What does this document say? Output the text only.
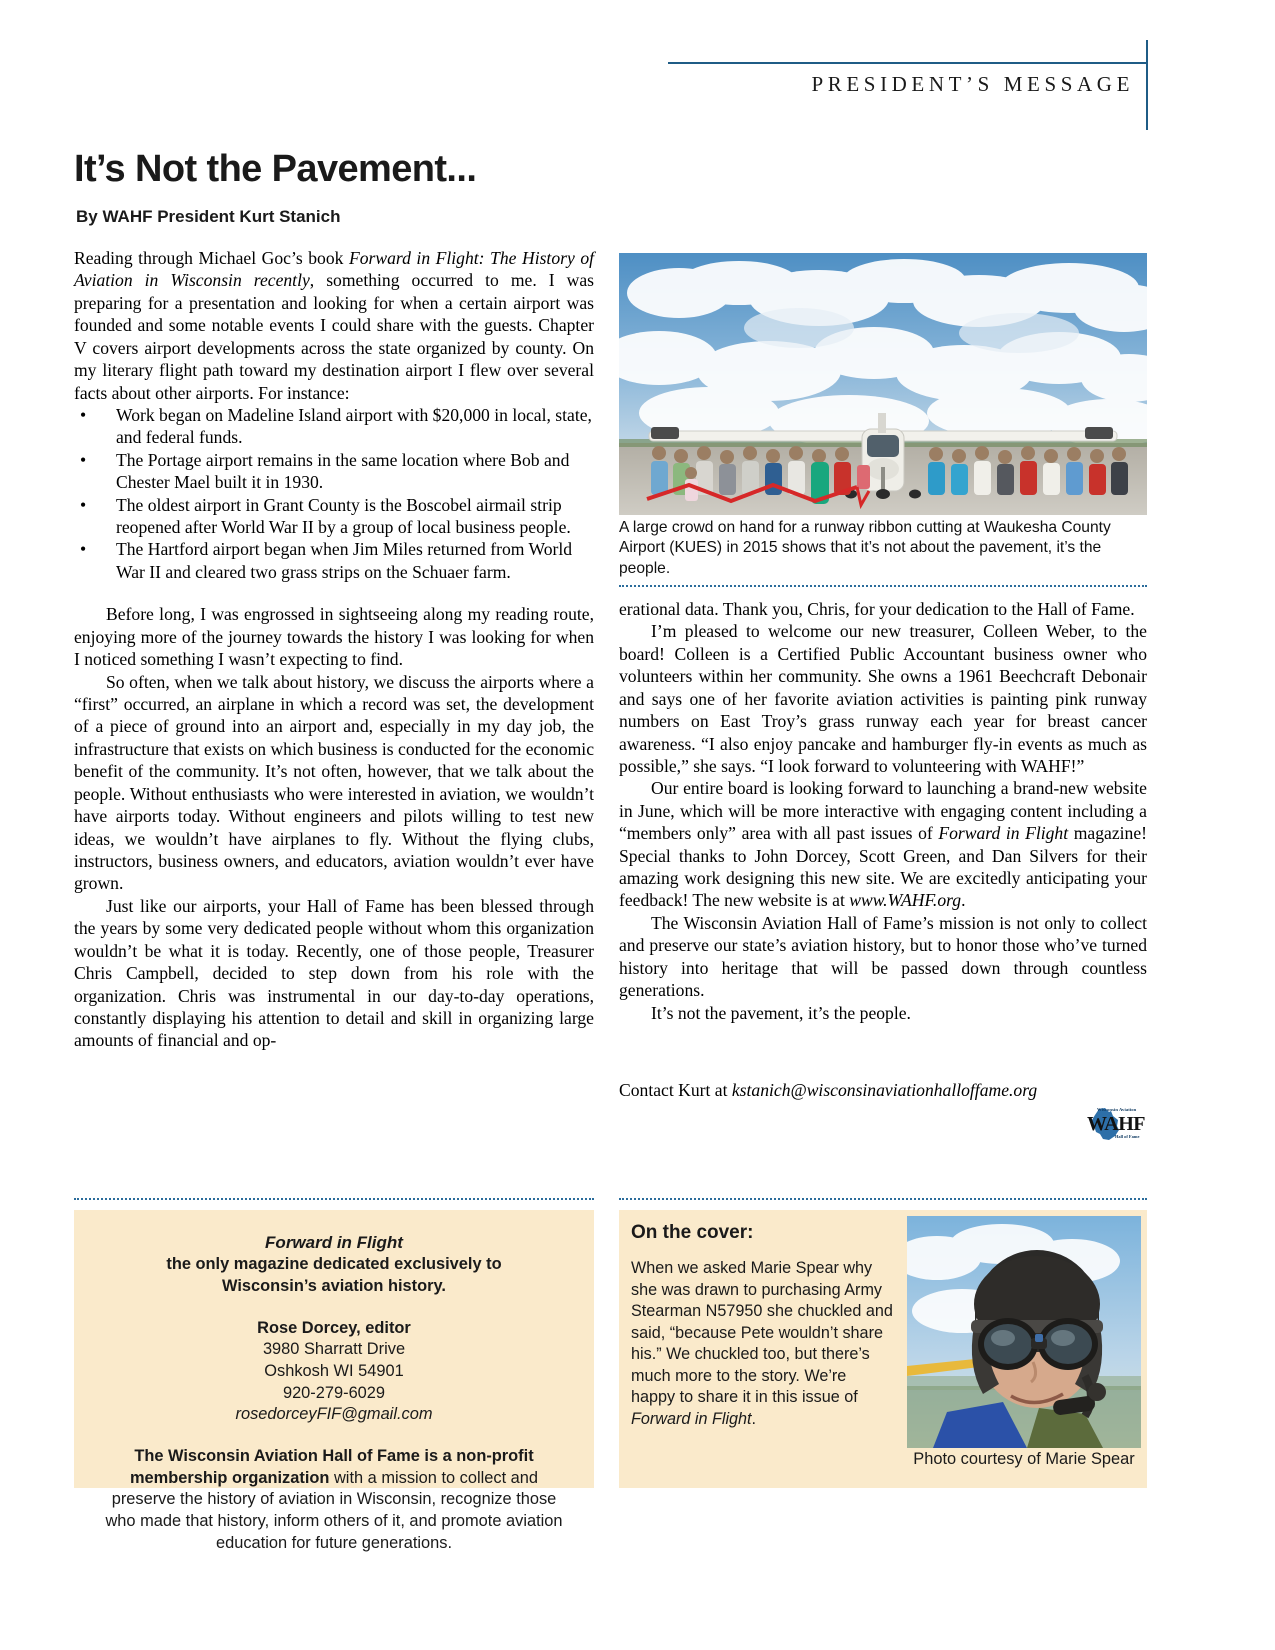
PRESIDENT’S MESSAGE
It’s Not the Pavement...
By WAHF President Kurt Stanich

Reading through Michael Goc’s book Forward in Flight: The History of Aviation in Wisconsin recently, something occurred to me. I was preparing for a presentation and looking for when a certain airport was founded and some notable events I could share with the guests. Chapter V covers airport developments across the state organized by county. On my literary flight path toward my destination airport I flew over several facts about other airports. For instance:

• Work began on Madeline Island airport with $20,000 in local, state, and federal funds.
• The Portage airport remains in the same location where Bob and Chester Mael built it in 1930.
• The oldest airport in Grant County is the Boscobel airmail strip reopened after World War II by a group of local business people.
• The Hartford airport began when Jim Miles returned from World War II and cleared two grass strips on the Schuaer farm.

Before long, I was engrossed in sightseeing along my reading route, enjoying more of the journey towards the history I was looking for when I noticed something I wasn’t expecting to find.

So often, when we talk about history, we discuss the airports where a “first” occurred, an airplane in which a record was set, the development of a piece of ground into an airport and, especially in my day job, the infrastructure that exists on which business is conducted for the economic benefit of the community. It’s not often, however, that we talk about the people. Without enthusiasts who were interested in aviation, we wouldn’t have airports today. Without engineers and pilots willing to test new ideas, we wouldn’t have airplanes to fly. Without the flying clubs, instructors, business owners, and educators, aviation wouldn’t ever have grown.

Just like our airports, your Hall of Fame has been blessed through the years by some very dedicated people without whom this organization wouldn’t be what it is today. Recently, one of those people, Treasurer Chris Campbell, decided to step down from his role with the organization. Chris was instrumental in our day-to-day operations, constantly displaying his attention to detail and skill in organizing large amounts of financial and op-

A large crowd on hand for a runway ribbon cutting at Waukesha County Airport (KUES) in 2015 shows that it’s not about the pavement, it’s the people.

erational data. Thank you, Chris, for your dedication to the Hall of Fame.

I’m pleased to welcome our new treasurer, Colleen Weber, to the board! Colleen is a Certified Public Accountant business owner who volunteers within her community. She owns a 1961 Beechcraft Debonair and says one of her favorite aviation activities is painting pink runway numbers on East Troy’s grass runway each year for breast cancer awareness. “I also enjoy pancake and hamburger fly-in events as much as possible,” she says. “I look forward to volunteering with WAHF!”

Our entire board is looking forward to launching a brand-new website in June, which will be more interactive with engaging content including a “members only” area with all past issues of Forward in Flight magazine! Special thanks to John Dorcey, Scott Green, and Dan Silvers for their amazing work designing this new site. We are excitedly anticipating your feedback! The new website is at www.WAHF.org.

The Wisconsin Aviation Hall of Fame’s mission is not only to collect and preserve our state’s aviation history, but to honor those who’ve turned history into heritage that will be passed down through countless generations.

It’s not the pavement, it’s the people.

Contact Kurt at kstanich@wisconsinaviationhalloffame.org
Wisconsin Aviation
WAHF
Hall of Fame
Forward in Flight
the only magazine dedicated exclusively to
Wisconsin’s aviation history.
Rose Dorcey, editor
3980 Sharratt Drive
Oshkosh WI 54901
920-279-6029
rosedorceyFIF@gmail.com
The Wisconsin Aviation Hall of Fame is a non-profit membership organization with a mission to collect and preserve the history of aviation in Wisconsin, recognize those who made that history, inform others of it, and promote aviation education for future generations.
On the cover:
When we asked Marie Spear why she was drawn to purchasing Army Stearman N57950 she chuckled and said, “because Pete wouldn’t share his.” We chuckled too, but there’s much more to the story. We’re happy to share it in this issue of Forward in Flight.
Photo courtesy of Marie Spear
